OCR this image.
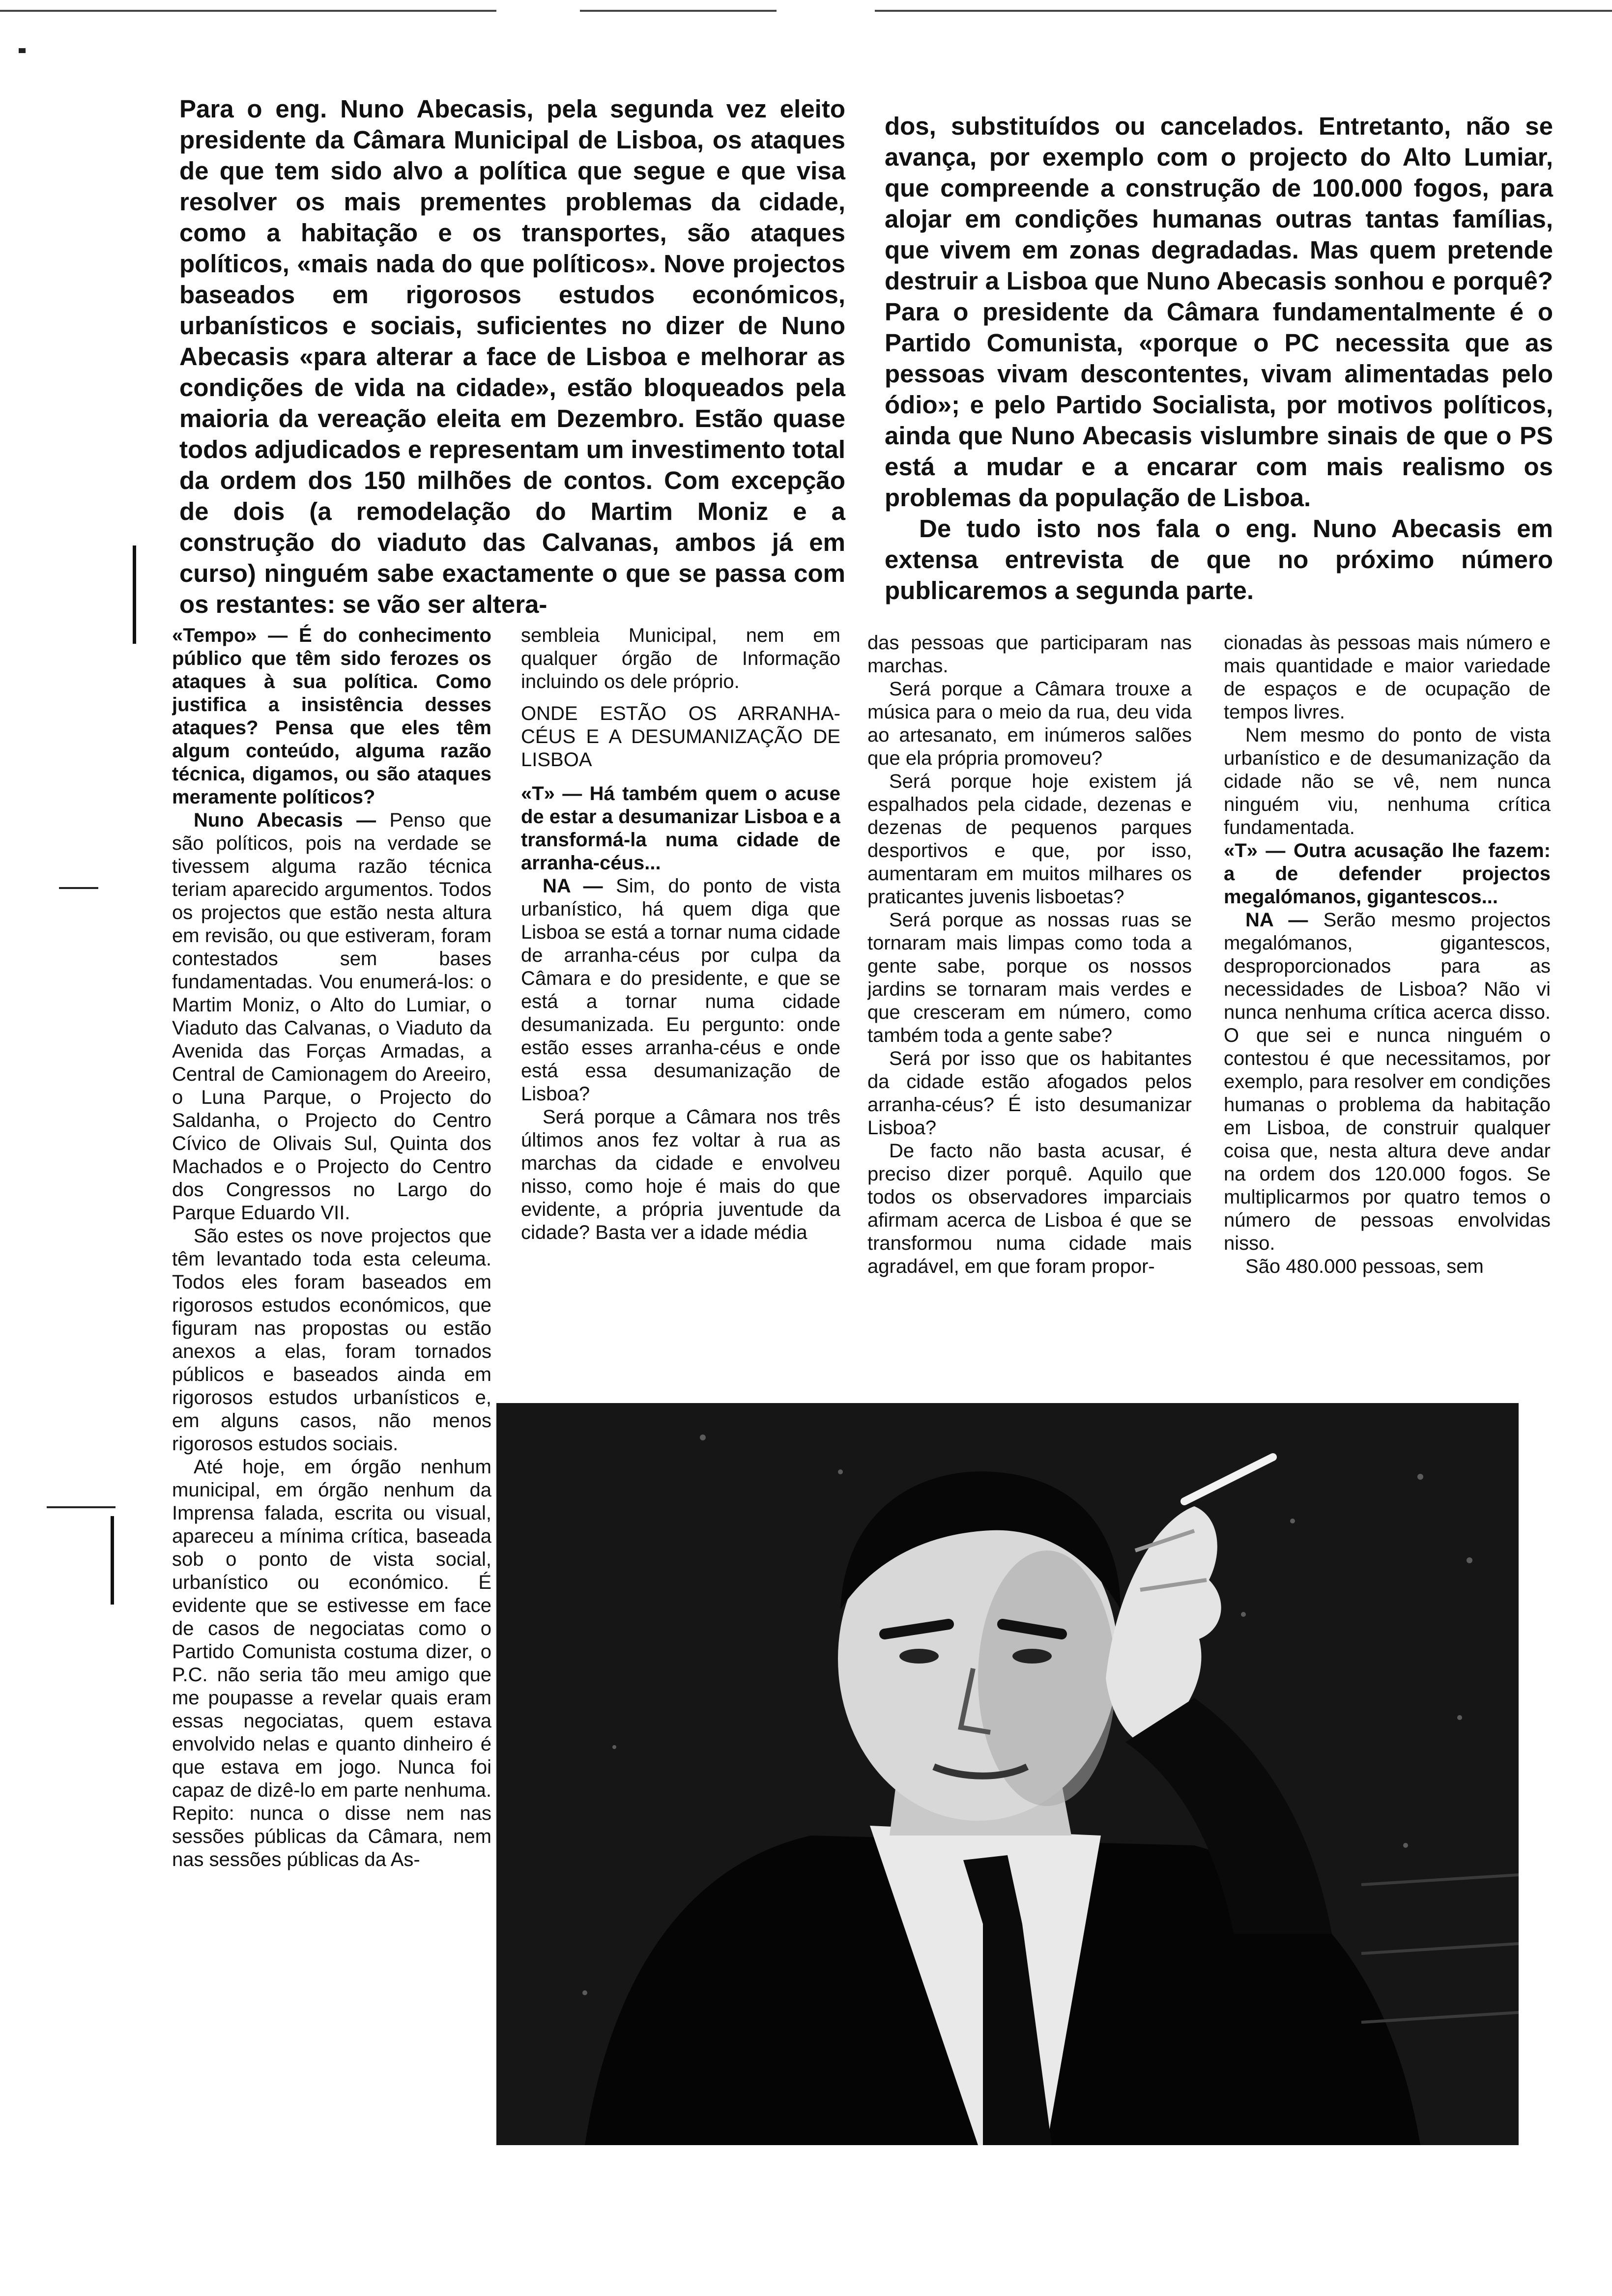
Para o eng. Nuno Abecasis, pela segunda vez eleito presidente da Câmara Municipal de Lisboa, os ataques de que tem sido alvo a política que segue e que visa resolver os mais prementes problemas da cidade, como a habitação e os transportes, são ataques políticos, «mais nada do que políticos». Nove projectos baseados em rigorosos estudos económicos, urbanísticos e sociais, suficientes no dizer de Nuno Abecasis «para alterar a face de Lisboa e melhorar as condições de vida na cidade», estão bloqueados pela maioria da vereação eleita em Dezembro. Estão quase todos adjudicados e representam um investimento total da ordem dos 150 milhões de contos. Com excepção de dois (a remodelação do Martim Moniz e a construção do viaduto das Calvanas, ambos já em curso) ninguém sabe exactamente o que se passa com os restantes: se vão ser altera-

dos, substituídos ou cancelados. Entretanto, não se avança, por exemplo com o projecto do Alto Lumiar, que compreende a construção de 100.000 fogos, para alojar em condições humanas outras tantas famílias, que vivem em zonas degradadas. Mas quem pretende destruir a Lisboa que Nuno Abecasis sonhou e porquê? Para o presidente da Câmara fundamentalmente é o Partido Comunista, «porque o PC necessita que as pessoas vivam descontentes, vivam alimentadas pelo ódio»; e pelo Partido Socialista, por motivos políticos, ainda que Nuno Abecasis vislumbre sinais de que o PS está a mudar e a encarar com mais realismo os problemas da população de Lisboa.

De tudo isto nos fala o eng. Nuno Abecasis em extensa entrevista de que no próximo número publicaremos a segunda parte.

«Tempo» — É do conhecimento público que têm sido ferozes os ataques à sua política. Como justifica a insistência desses ataques? Pensa que eles têm algum conteúdo, alguma razão técnica, digamos, ou são ataques meramente políticos?

Nuno Abecasis — Penso que são políticos, pois na verdade se tivessem alguma razão técnica teriam aparecido argumentos. Todos os projectos que estão nesta altura em revisão, ou que estiveram, foram contestados sem bases fundamentadas. Vou enumerá-los: o Martim Moniz, o Alto do Lumiar, o Viaduto das Calvanas, o Viaduto da Avenida das Forças Armadas, a Central de Camionagem do Areeiro, o Luna Parque, o Projecto do Saldanha, o Projecto do Centro Cívico de Olivais Sul, Quinta dos Machados e o Projecto do Centro dos Congressos no Largo do Parque Eduardo VII.

São estes os nove projectos que têm levantado toda esta celeuma. Todos eles foram baseados em rigorosos estudos económicos, que figuram nas propostas ou estão anexos a elas, foram tornados públicos e baseados ainda em rigorosos estudos urbanísticos e, em alguns casos, não menos rigorosos estudos sociais.

Até hoje, em órgão nenhum municipal, em órgão nenhum da Imprensa falada, escrita ou visual, apareceu a mínima crítica, baseada sob o ponto de vista social, urbanístico ou económico. É evidente que se estivesse em face de casos de negociatas como o Partido Comunista costuma dizer, o P.C. não seria tão meu amigo que me poupasse a revelar quais eram essas negociatas, quem estava envolvido nelas e quanto dinheiro é que estava em jogo. Nunca foi capaz de dizê-lo em parte nenhuma. Repito: nunca o disse nem nas sessões públicas da Câmara, nem nas sessões públicas da As-

sembleia Municipal, nem em qualquer órgão de Informação incluindo os dele próprio.

ONDE ESTÃO OS ARRANHA-CÉUS E A DESUMANIZAÇÃO DE LISBOA

«T» — Há também quem o acuse de estar a desumanizar Lisboa e a transformá-la numa cidade de arranha-céus...

NA — Sim, do ponto de vista urbanístico, há quem diga que Lisboa se está a tornar numa cidade de arranha-céus por culpa da Câmara e do presidente, e que se está a tornar numa cidade desumanizada. Eu pergunto: onde estão esses arranha-céus e onde está essa desumanização de Lisboa?

Será porque a Câmara nos três últimos anos fez voltar à rua as marchas da cidade e envolveu nisso, como hoje é mais do que evidente, a própria juventude da cidade? Basta ver a idade média

das pessoas que participaram nas marchas.

Será porque a Câmara trouxe a música para o meio da rua, deu vida ao artesanato, em inúmeros salões que ela própria promoveu?

Será porque hoje existem já espalhados pela cidade, dezenas e dezenas de pequenos parques desportivos e que, por isso, aumentaram em muitos milhares os praticantes juvenis lisboetas?

Será porque as nossas ruas se tornaram mais limpas como toda a gente sabe, porque os nossos jardins se tornaram mais verdes e que cresceram em número, como também toda a gente sabe?

Será por isso que os habitantes da cidade estão afogados pelos arranha-céus? É isto desumanizar Lisboa?

De facto não basta acusar, é preciso dizer porquê. Aquilo que todos os observadores imparciais afirmam acerca de Lisboa é que se transformou numa cidade mais agradável, em que foram propor-

cionadas às pessoas mais número e mais quantidade e maior variedade de espaços e de ocupação de tempos livres.

Nem mesmo do ponto de vista urbanístico e de desumanização da cidade não se vê, nem nunca ninguém viu, nenhuma crítica fundamentada.

«T» — Outra acusação lhe fazem: a de defender projectos megalómanos, gigantescos...

NA — Serão mesmo projectos megalómanos, gigantescos, desproporcionados para as necessidades de Lisboa? Não vi nunca nenhuma crítica acerca disso. O que sei e nunca ninguém o contestou é que necessitamos, por exemplo, para resolver em condições humanas o problema da habitação em Lisboa, de construir qualquer coisa que, nesta altura deve andar na ordem dos 120.000 fogos. Se multiplicarmos por quatro temos o número de pessoas envolvidas nisso.

São 480.000 pessoas, sem
